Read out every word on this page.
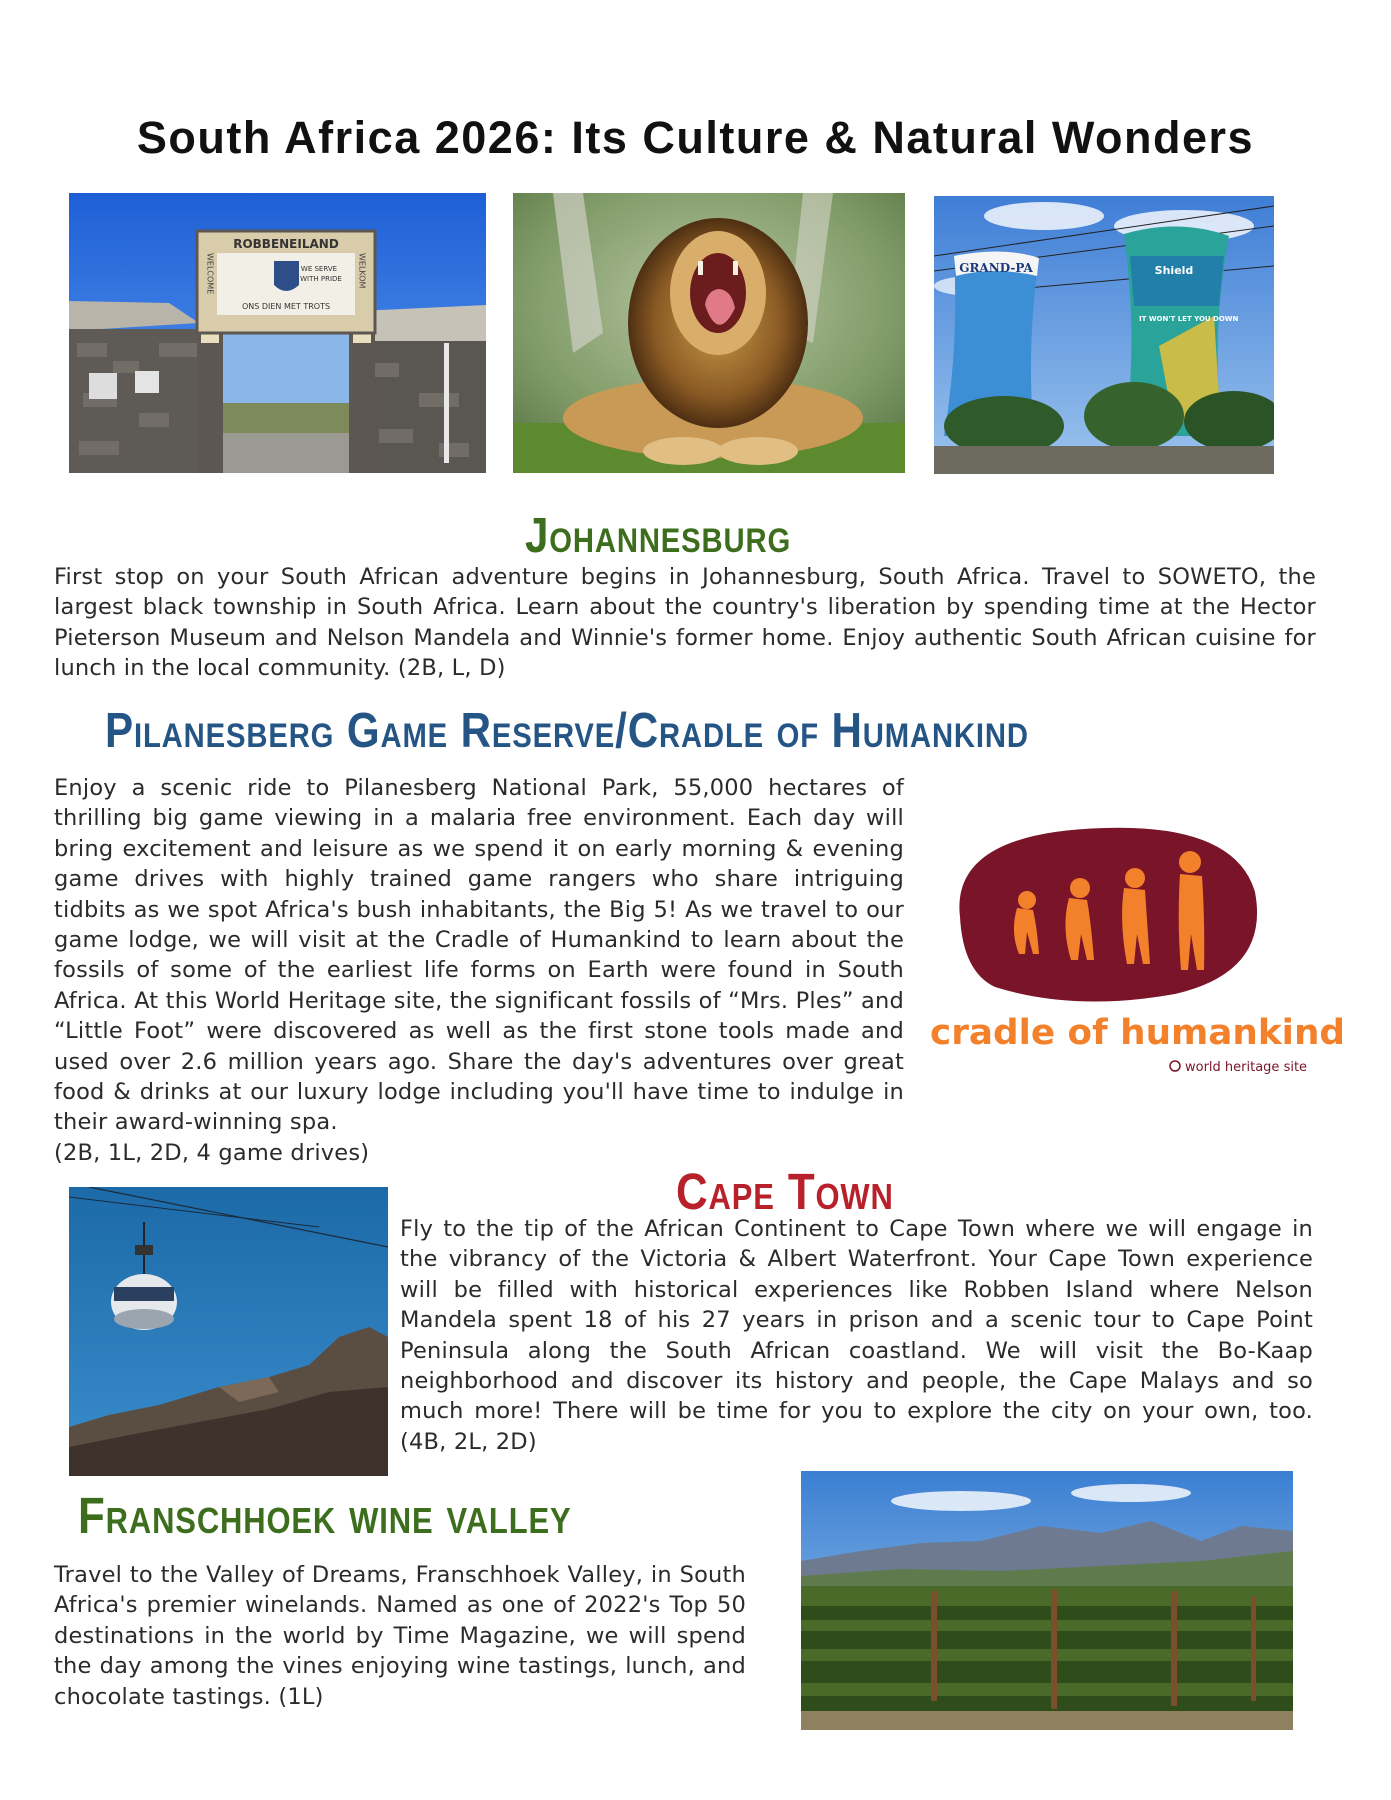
South Africa 2026: Its Culture & Natural Wonders
ROBBENEILAND
WE SERVE
WITH PRIDE
ONS DIEN MET TROTS
WELCOME	WELKOM	GRAND-PA	Shield
IT WON'T LET YOU DOWN
Johannesburg
First stop on your South African adventure begins in Johannesburg, South Africa. Travel to SOWETO, the largest black township in South Africa. Learn about the country's liberation by spending time at the Hector Pieterson Museum and Nelson Mandela and Winnie's former home. Enjoy authentic South African cuisine for lunch in the local community. (2B, L, D)
Pilanesberg Game Reserve/Cradle of Humankind
Enjoy a scenic ride to Pilanesberg National Park, 55,000 hectares of thrilling big game viewing in a malaria free environment. Each day will bring excitement and leisure as we spend it on early morning & evening game drives with highly trained game rangers who share intriguing tidbits as we spot Africa's bush inhabitants, the Big 5! As we travel to our game lodge, we will visit at the Cradle of Humankind to learn about the fossils of some of the earliest life forms on Earth were found in South Africa. At this World Heritage site, the significant fossils of “Mrs. Ples” and “Little Foot” were discovered as well as the first stone tools made and used over 2.6 million years ago. Share the day's adventures over great food & drinks at our luxury lodge including you'll have time to indulge in their award-winning spa.
(2B, 1L, 2D, 4 game drives)
cradle of humankind
world heritage site
Cape Town
Fly to the tip of the African Continent to Cape Town where we will engage in the vibrancy of the Victoria & Albert Waterfront. Your Cape Town experience will be filled with historical experiences like Robben Island where Nelson Mandela spent 18 of his 27 years in prison and a scenic tour to Cape Point Peninsula along the South African coastland. We will visit the Bo-Kaap neighborhood and discover its history and people, the Cape Malays and so much more! There will be time for you to explore the city on your own, too. (4B, 2L, 2D)
Franschhoek wine valley
Travel to the Valley of Dreams, Franschhoek Valley, in South Africa's premier winelands. Named as one of 2022's Top 50 destinations in the world by Time Magazine, we will spend the day among the vines enjoying wine tastings, lunch, and chocolate tastings. (1L)
